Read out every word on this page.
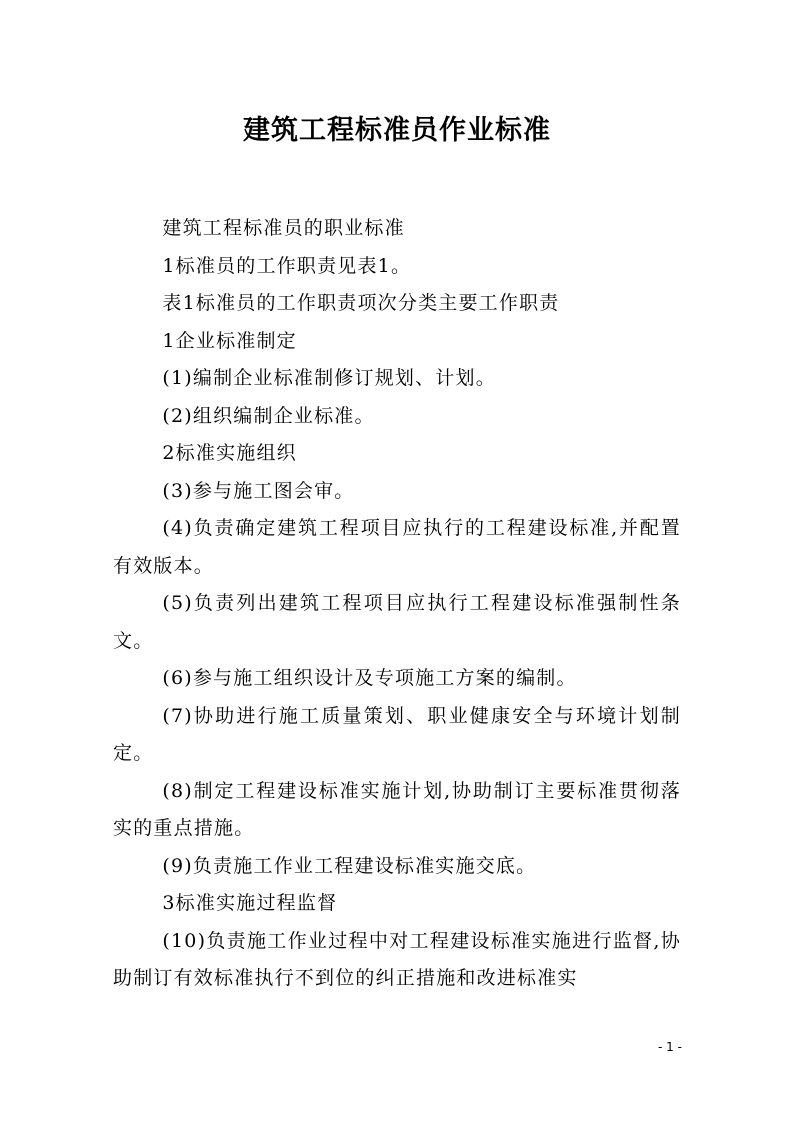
建筑工程标准员作业标准

建筑工程标准员的职业标准

1标准员的工作职责见表1。

表1标准员的工作职责项次分类主要工作职责

1企业标准制定

(1)编制企业标准制修订规划、计划。

(2)组织编制企业标准。

2标准实施组织

(3)参与施工图会审。

(4)负责确定建筑工程项目应执行的工程建设标准,并配置有效版本。

(5)负责列出建筑工程项目应执行工程建设标准强制性条文。

(6)参与施工组织设计及专项施工方案的编制。

(7)协助进行施工质量策划、职业健康安全与环境计划制定。

(8)制定工程建设标准实施计划,协助制订主要标准贯彻落实的重点措施。

(9)负责施工作业工程建设标准实施交底。

3标准实施过程监督

(10)负责施工作业过程中对工程建设标准实施进行监督,协助制订有效标准执行不到位的纠正措施和改进标准实

- 1 -
